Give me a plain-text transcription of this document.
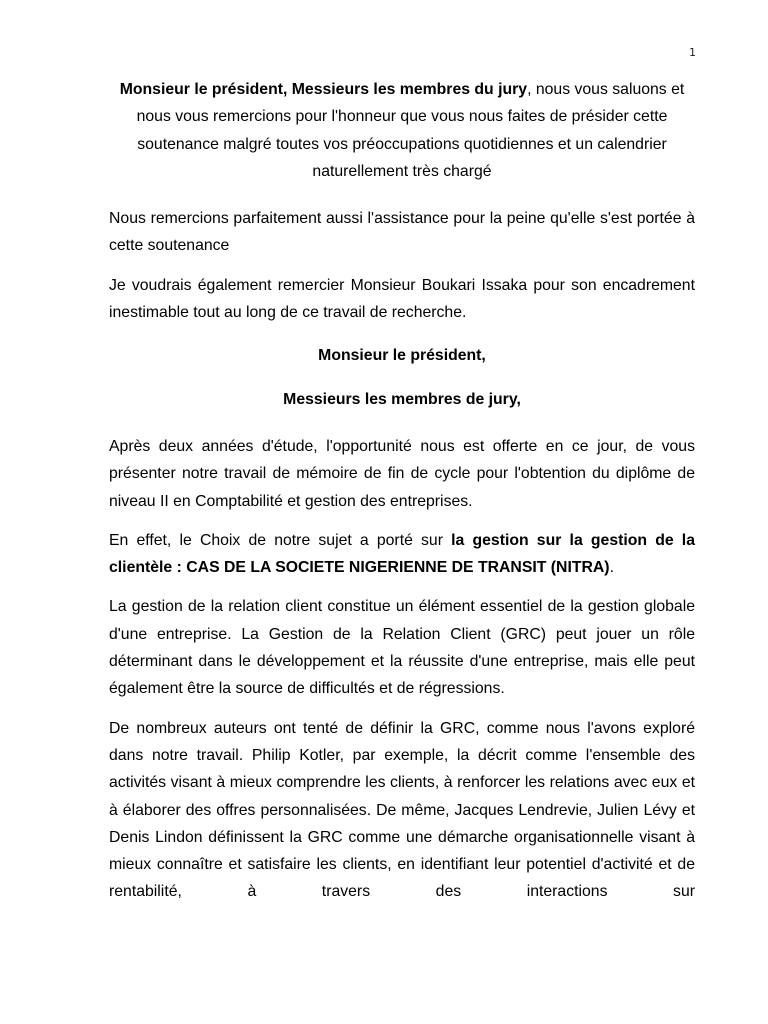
1

Monsieur le président, Messieurs les membres du jury, nous vous saluons et nous vous remercions pour l'honneur que vous nous faites de présider cette soutenance malgré toutes vos préoccupations quotidiennes et un calendrier naturellement très chargé

Nous remercions parfaitement aussi l'assistance pour la peine qu'elle s'est portée à cette soutenance

Je voudrais également remercier Monsieur Boukari Issaka pour son encadrement inestimable tout au long de ce travail de recherche.

Monsieur le président,

Messieurs les membres de jury,

Après deux années d'étude, l'opportunité nous est offerte en ce jour, de vous présenter notre travail de mémoire de fin de cycle pour l'obtention du diplôme de niveau II en Comptabilité et gestion des entreprises.

En effet, le Choix de notre sujet a porté sur la gestion sur la gestion de la clientèle : CAS DE LA SOCIETE NIGERIENNE DE TRANSIT (NITRA).

La gestion de la relation client constitue un élément essentiel de la gestion globale d'une entreprise. La Gestion de la Relation Client (GRC) peut jouer un rôle déterminant dans le développement et la réussite d'une entreprise, mais elle peut également être la source de difficultés et de régressions.

De nombreux auteurs ont tenté de définir la GRC, comme nous l'avons exploré dans notre travail. Philip Kotler, par exemple, la décrit comme l'ensemble des activités visant à mieux comprendre les clients, à renforcer les relations avec eux et à élaborer des offres personnalisées. De même, Jacques Lendrevie, Julien Lévy et Denis Lindon définissent la GRC comme une démarche organisationnelle visant à mieux connaître et satisfaire les clients, en identifiant leur potentiel d'activité et de rentabilité, à travers des interactions sur
